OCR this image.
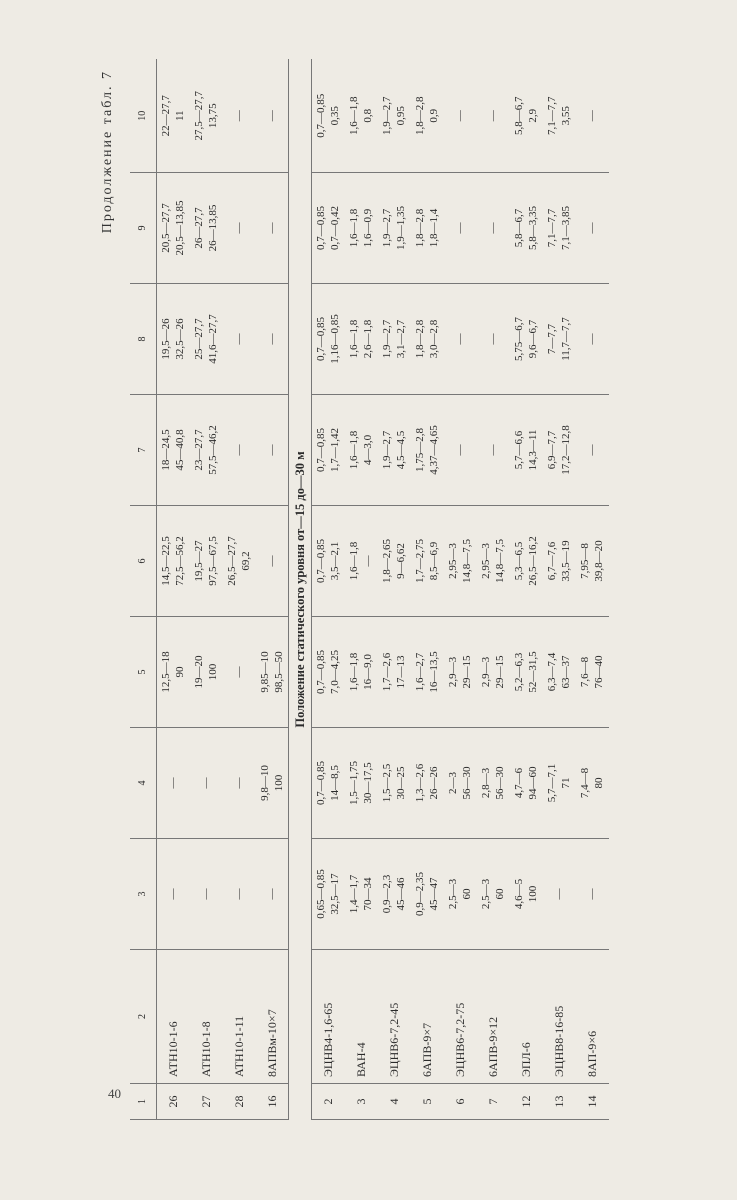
40
Продолжение табл. 7
1	2	3	4	5	6	7	8	9	10
26	АТН10-1-6	—	—	12,5—18 90	14,5—22,5 72,5—56,2	18—24,5 45—40,8	19,5—26 32,5—26	20,5—27,7 20,5—13,85	22—27,7 11

27	АТН10-1-8	—	—	19—20 100	19,5—27 97,5—67,5	23—27,7 57,5—46,2	25—27,7 41,6—27,7	26—27,7 26—13,85	27,5—27,7 13,75

28	АТН10-1-11	—	—	—	26,5—27,7 69,2	—	—	—	—

16	8АПВм-10×7	—	9,8—10 100	9,85—10 98,5—50	—	—	—	—	—

Положение статического уровня от—15 до—30 м									
2	ЭЦНВ4-1,6-65	0,65—0,85 32,5—17	0,7—0,85 14—8,5	0,7—0,85 7,0—4,25	0,7—0,85 3,5—2,1	0,7—0,85 1,7—1,42	0,7—0,85 1,16—0,85	0,7—0,85 0,7—0,42	0,7—0,85 0,35

3	ВАН-4	1,4—1,7 70—34	1,5—1,75 30—17,5	1,6—1,8 16—9,0	1,6—1,8 —	1,6—1,8 4—3,0	1,6—1,8 2,6—1,8	1,6—1,8 1,6—0,9	1,6—1,8 0,8

4	ЭЦНВ6-7,2-45	0,9—2,3 45—46	1,5—2,5 30—25	1,7—2,6 17—13	1,8—2,65 9—6,62	1,9—2,7 4,5—4,5	1,9—2,7 3,1—2,7	1,9—2,7 1,9—1,35	1,9—2,7 0,95

5	6АПВ-9×7	0,9—2,35 45—47	1,3—2,6 26—26	1,6—2,7 16—13,5	1,7—2,75 8,5—6,9	1,75—2,8 4,37—4,65	1,8—2,8 3,0—2,8	1,8—2,8 1,8—1,4	1,8—2,8 0,9

6	ЭЦНВ6-7,2-75	2,5—3 60	2—3 56—30	2,9—3 29—15	2,95—3 14,8—7,5	—	—	—	—

7	6АПВ-9×12	2,5—3 60	2,8—3 56—30	2,9—3 29—15	2,95—3 14,8—7,5	—	—	—	—

12	ЭПЛ-6	4,6—5 100	4,7—6 94—60	5,2—6,3 52—31,5	5,3—6,5 26,5—16,2	5,7—6,6 14,3—11	5,75—6,7 9,6—6,7	5,8—6,7 5,8—3,35	5,8—6,7 2,9

13	ЭЦНВ8-16-85	—	5,7—7,1 71	6,3—7,4 63—37	6,7—7,6 33,5—19	6,9—7,7 17,2—12,8	7—7,7 11,7—7,7	7,1—7,7 7,1—3,85	7,1—7,7 3,55

14	8АП-9×6	—	7,4—8 80	7,6—8 76—40	7,95—8 39,8—20	—	—	—	—
